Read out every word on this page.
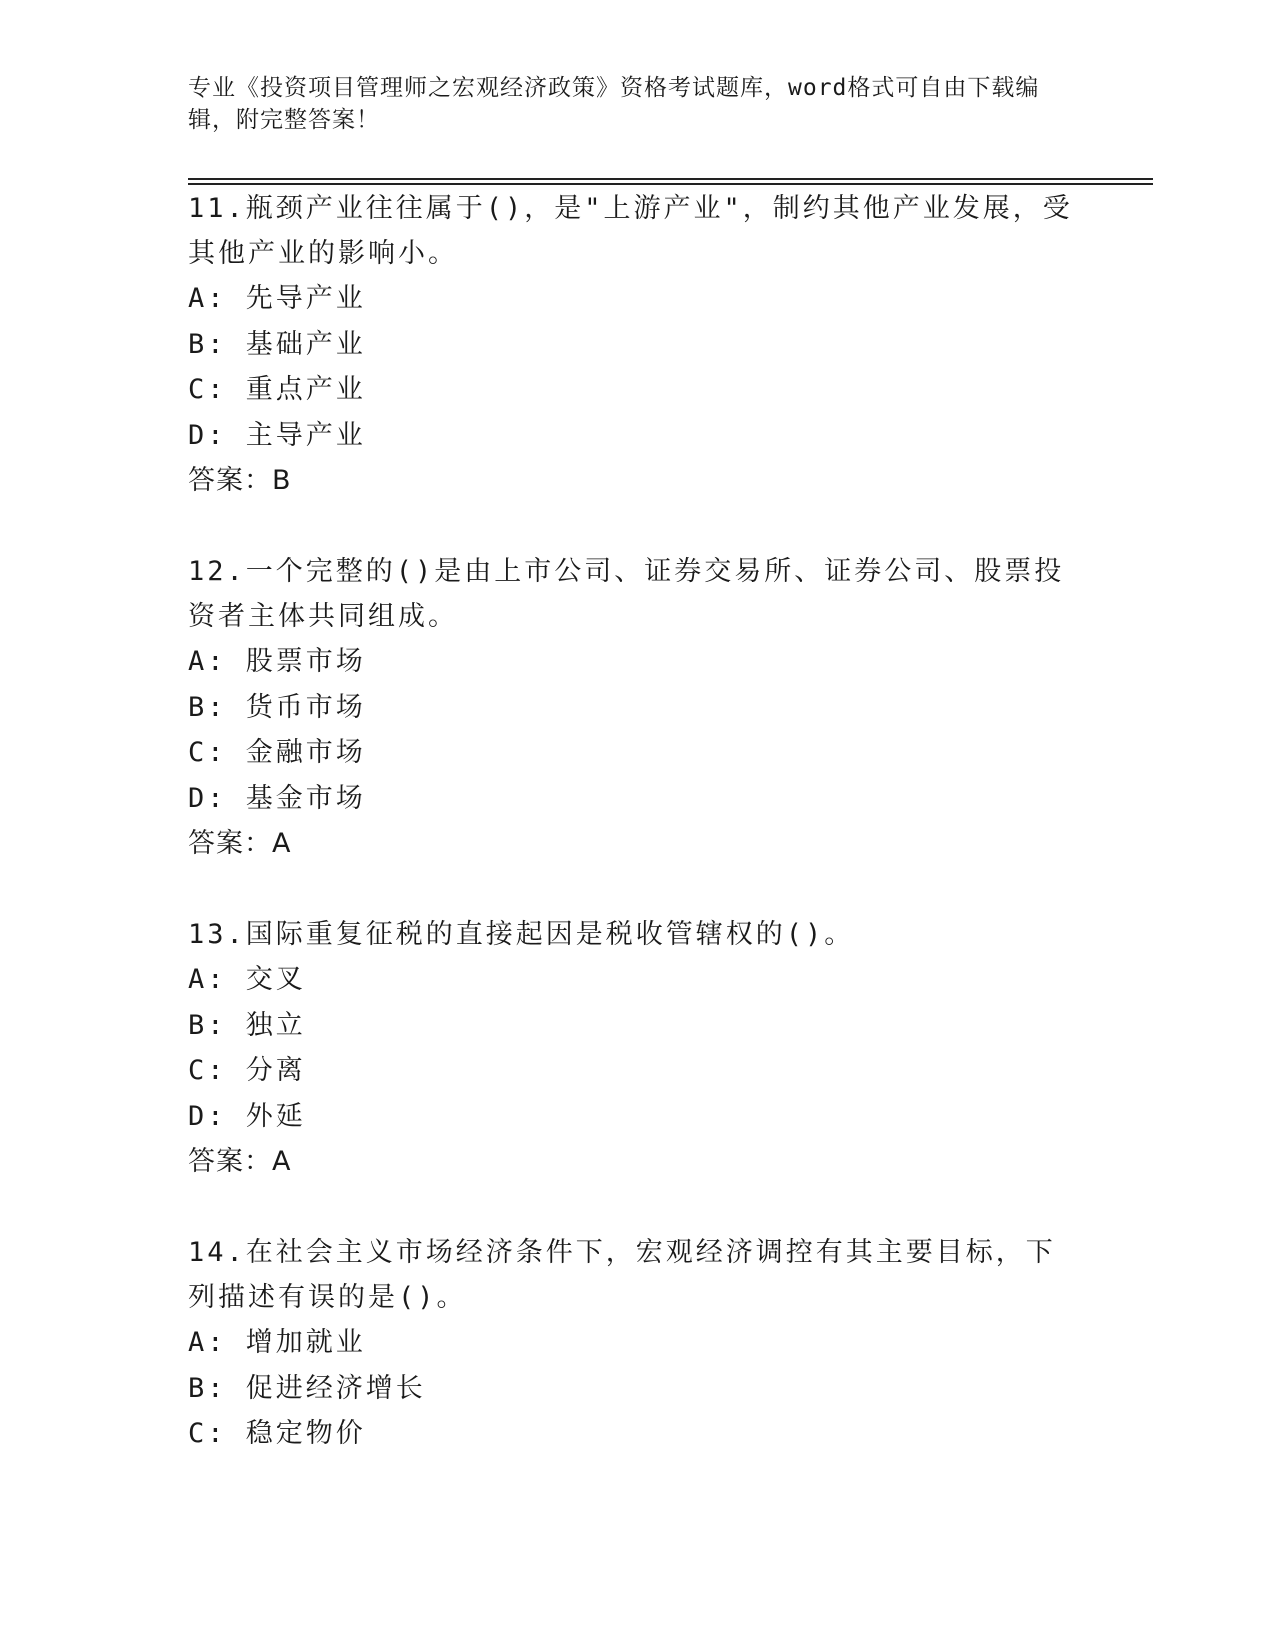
专业《投资项目管理师之宏观经济政策》资格考试题库，word格式可自由下载编辑，附完整答案！

11.瓶颈产业往往属于()，是"上游产业"，制约其他产业发展，受其他产业的影响小。

A: 先导产业

B: 基础产业

C: 重点产业

D: 主导产业

答案：B

12.一个完整的()是由上市公司、证券交易所、证券公司、股票投资者主体共同组成。

A: 股票市场

B: 货币市场

C: 金融市场

D: 基金市场

答案：A

13.国际重复征税的直接起因是税收管辖权的()。

A: 交叉

B: 独立

C: 分离

D: 外延

答案：A

14.在社会主义市场经济条件下，宏观经济调控有其主要目标，下列描述有误的是()。

A: 增加就业

B: 促进经济增长

C: 稳定物价
